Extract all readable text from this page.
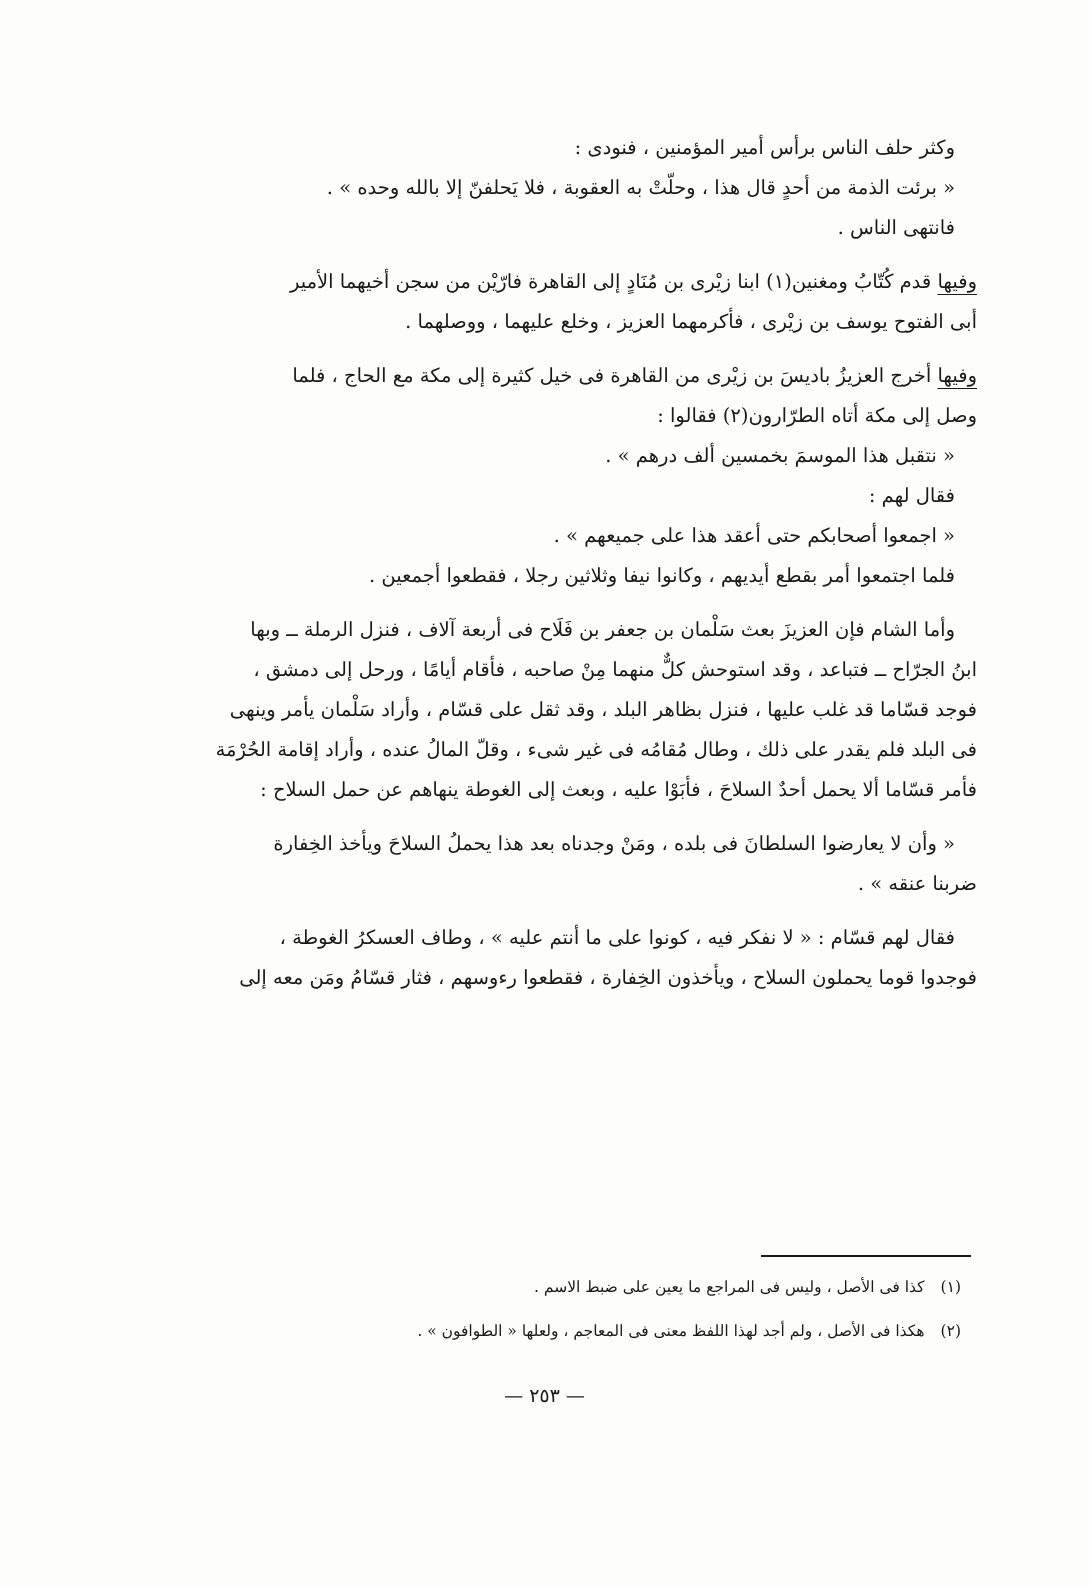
وكثر حلف الناس برأس أمير المؤمنين ، فنودى :
« برئت الذمة من أحدٍ قال هذا ، وحلّتْ به العقوبة ، فلا يَحلفنّ إلا بالله وحده » .
فانتهى الناس .
وفيها قدم كُتّابُ ومغنين(١) ابنا زيْرى بن مُنَادٍ إلى القاهرة فارّيْن من سجن أخيهما الأمير
أبى الفتوح يوسف بن زيْرى ، فأكرمهما العزيز ، وخلع عليهما ، ووصلهما .
وفيها أخرج العزيزُ باديسَ بن زيْرى من القاهرة فى خيل كثيرة إلى مكة مع الحاج ، فلما
وصل إلى مكة أتاه الطرّارون(٢) فقالوا :
« نتقبل هذا الموسمَ بخمسين ألف درهم » .
فقال لهم :
« اجمعوا أصحابكم حتى أعقد هذا على جميعهم » .
فلما اجتمعوا أمر بقطع أيديهم ، وكانوا نيفا وثلاثين رجلا ، فقطعوا أجمعين .
وأما الشام فإن العزيزَ بعث سَلْمان بن جعفر بن فَلَاح فى أربعة آلاف ، فنزل الرملة ــ وبها
ابنُ الجرّاح ــ فتباعد ، وقد استوحش كلٌّ منهما مِنْ صاحبه ، فأقام أيامًا ، ورحل إلى دمشق ،
فوجد قسّاما قد غلب عليها ، فنزل بظاهر البلد ، وقد ثقل على قسّام ، وأراد سَلْمان يأمر وينهى
فى البلد فلم يقدر على ذلك ، وطال مُقامُه فى غير شىء ، وقلّ المالُ عنده ، وأراد إقامة الحُرْمَة
فأمر قسّاما ألا يحمل أحدٌ السلاحَ ، فأبَوْا عليه ، وبعث إلى الغوطة ينهاهم عن حمل السلاح :
« وأن لا يعارضوا السلطانَ فى بلده ، ومَنْ وجدناه بعد هذا يحملُ السلاحَ ويأخذ الخِفارة
ضربنا عنقه » .
فقال لهم قسّام : « لا نفكر فيه ، كونوا على ما أنتم عليه » ، وطاف العسكرُ الغوطة ،
فوجدوا قوما يحملون السلاح ، ويأخذون الخِفارة ، فقطعوا رءوسهم ، فثار قسّامُ ومَن معه إلى
(١)كذا فى الأصل ، وليس فى المراجع ما يعين على ضبط الاسم .
(٢)هكذا فى الأصل ، ولم أجد لهذا اللفظ معنى فى المعاجم ، ولعلها « الطوافون » .
— ٢٥٣ —
